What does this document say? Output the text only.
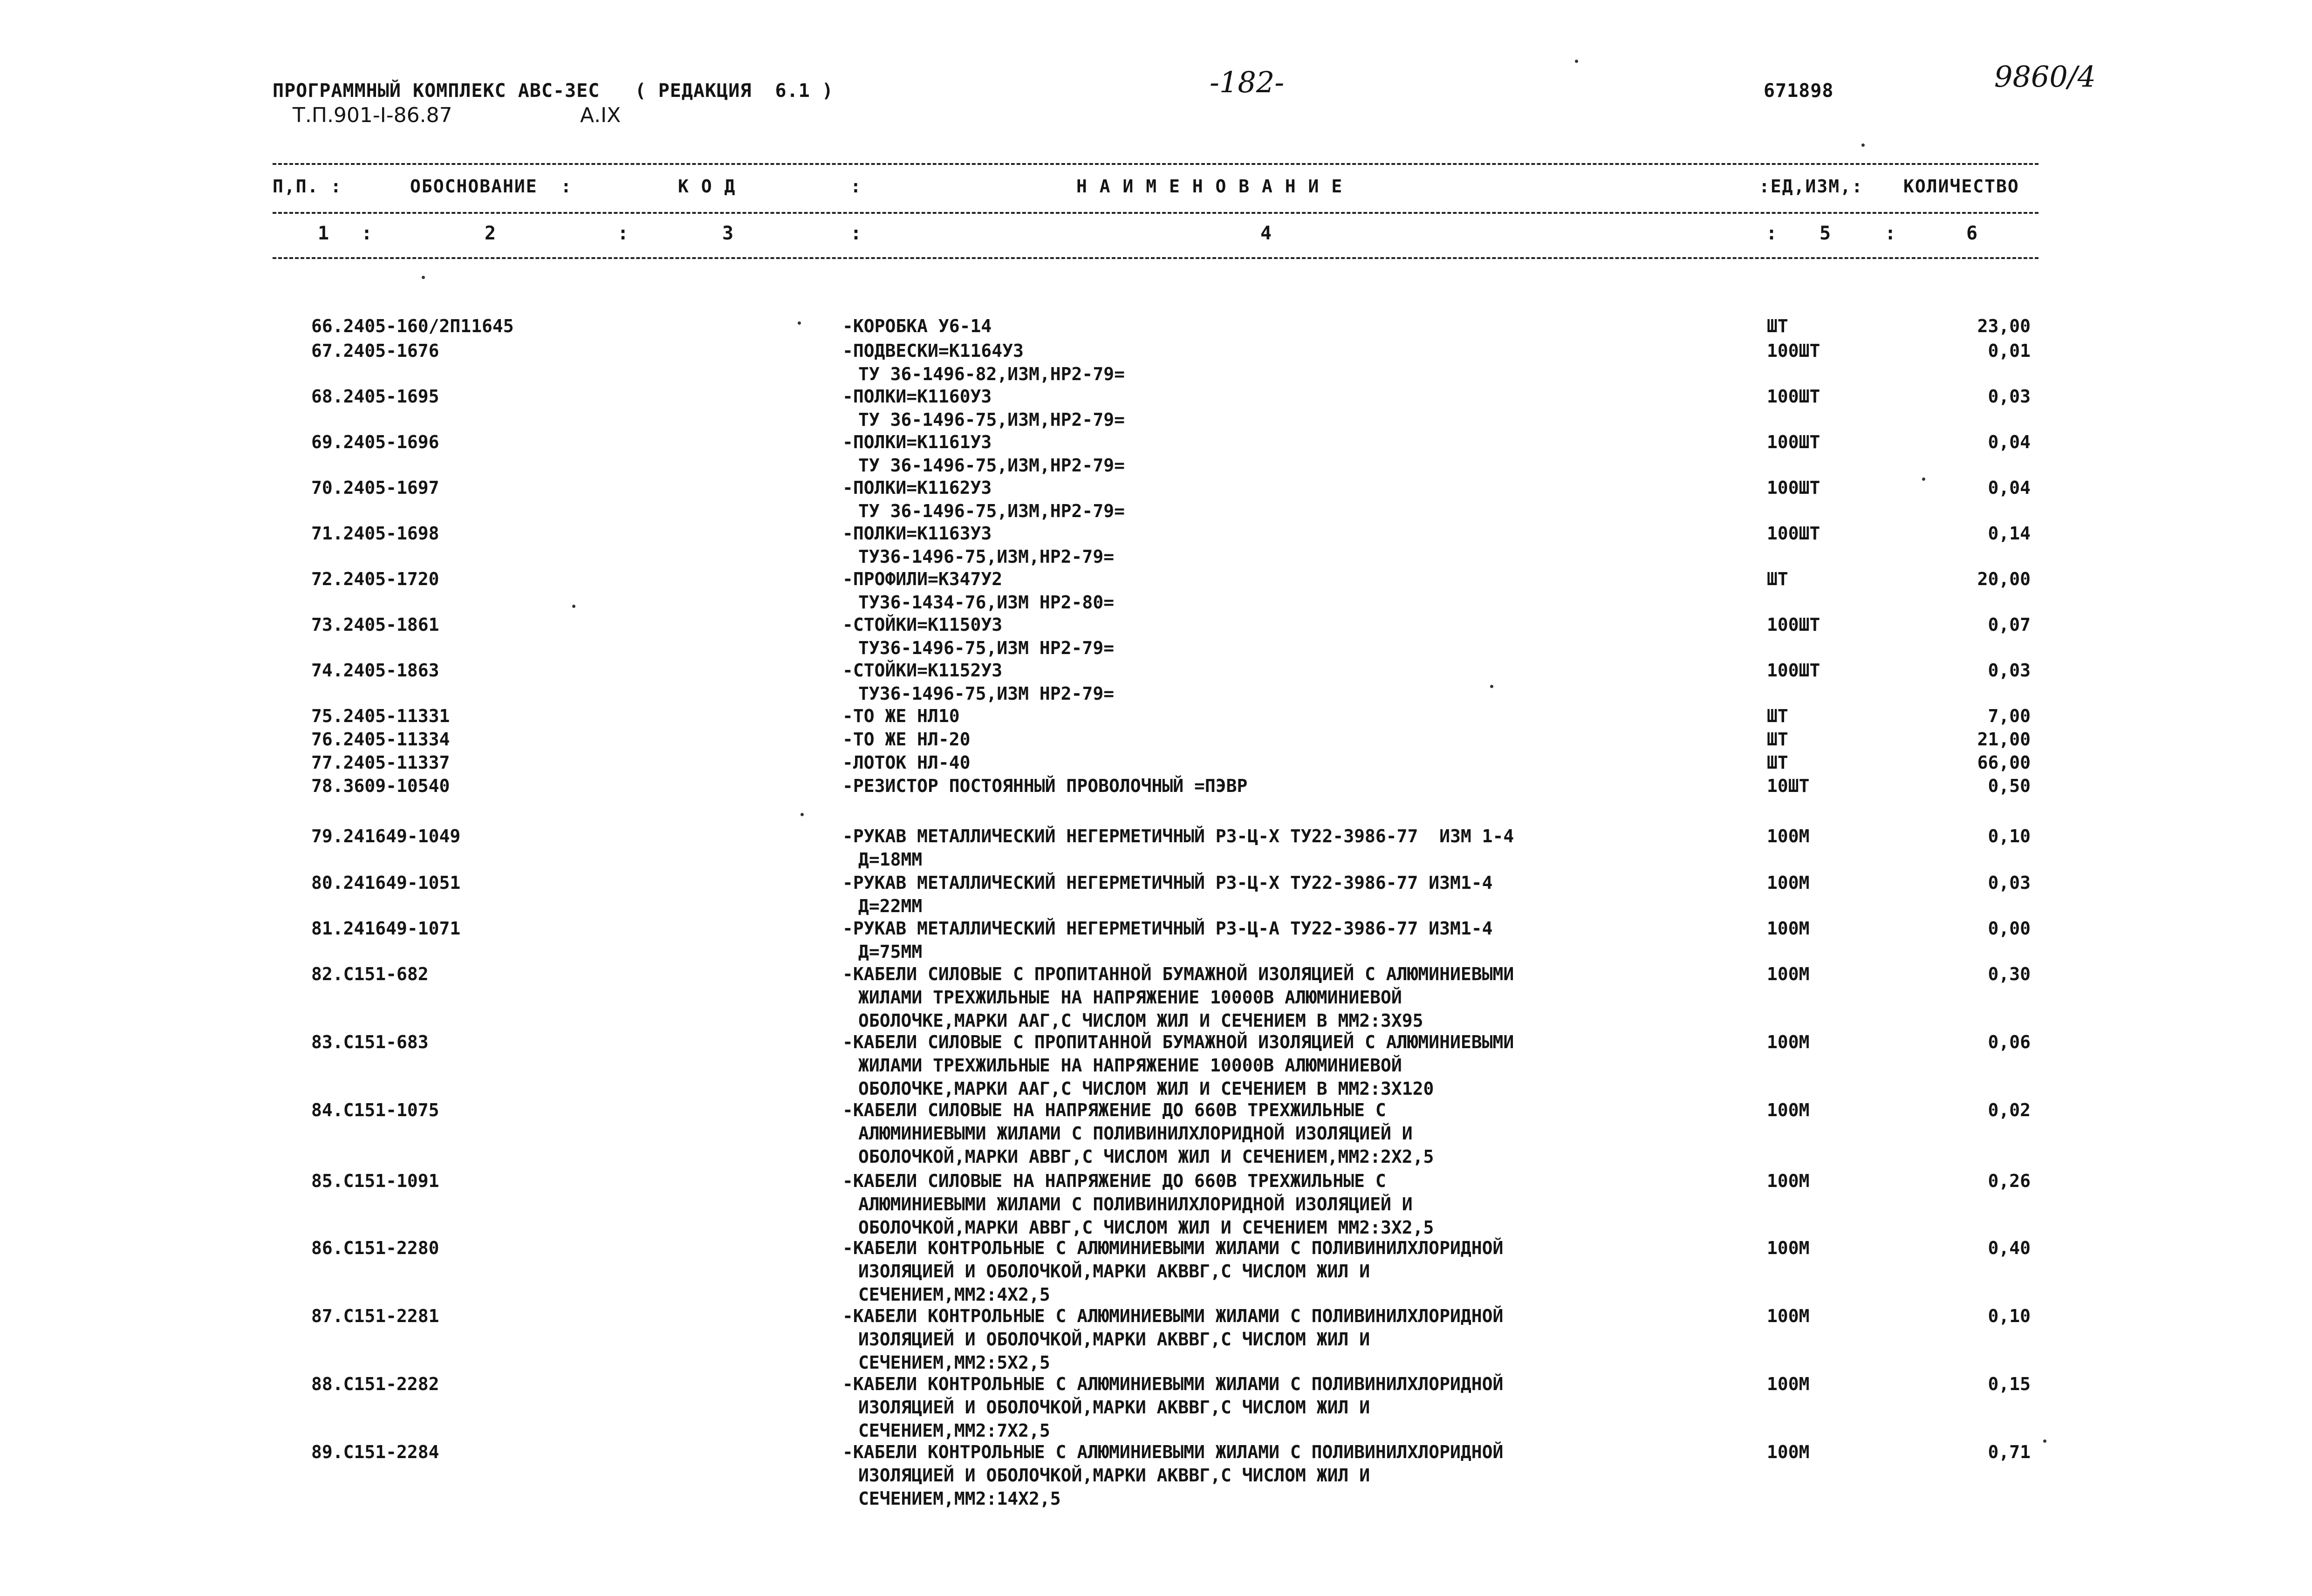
ПРОГРАММНЫЙ КОМПЛЕКС АВС-ЗЕС   ( РЕДАКЦИЯ  6.1 )
Т.П.901-I-86.87	А.IX
-182-	671898	9860/4
П,П. :	ОБОСНОВАНИЕ  :	К О Д	:	Н А И М Е Н О В А Н И Е	:ЕД,ИЗМ,: КОЛИЧЕСТВО
1 :	2	:	3	:	4	: 5	:	6
66.2405-160/2П11645	-КОРОБКА У6-14	ШТ	23,00
67.2405-1676	-ПОДВЕСКИ=К1164У3
ТУ 36-1496-82,ИЗМ,НР2-79=
100ШТ	0,01
68.2405-1695	-ПОЛКИ=К1160У3
ТУ 36-1496-75,ИЗМ,НР2-79=
100ШТ	0,03
69.2405-1696	-ПОЛКИ=К1161У3
ТУ 36-1496-75,ИЗМ,НР2-79=
100ШТ	0,04
70.2405-1697	-ПОЛКИ=К1162У3
ТУ 36-1496-75,ИЗМ,НР2-79=
100ШТ	0,04
71.2405-1698	-ПОЛКИ=К1163У3
ТУ36-1496-75,ИЗМ,НР2-79=
100ШТ	0,14
72.2405-1720	-ПРОФИЛИ=К347У2
ТУ36-1434-76,ИЗМ НР2-80=
ШТ	20,00
73.2405-1861	-СТОЙКИ=К1150У3
ТУ36-1496-75,ИЗМ НР2-79=
100ШТ	0,07
74.2405-1863	-СТОЙКИ=К1152У3
ТУ36-1496-75,ИЗМ НР2-79=
100ШТ	0,03
75.2405-11331	-ТО ЖЕ НЛ10	ШТ	7,00
76.2405-11334	-ТО ЖЕ НЛ-20	ШТ	21,00
77.2405-11337	-ЛОТОК НЛ-40	ШТ	66,00
78.3609-10540	-РЕЗИСТОР ПОСТОЯННЫЙ ПРОВОЛОЧНЫЙ =ПЭВР	10ШТ	0,50
79.241649-1049	-РУКАВ МЕТАЛЛИЧЕСКИЙ НЕГЕРМЕТИЧНЫЙ РЗ-Ц-Х ТУ22-3986-77  ИЗМ 1-4
Д=18ММ
100М	0,10
80.241649-1051	-РУКАВ МЕТАЛЛИЧЕСКИЙ НЕГЕРМЕТИЧНЫЙ РЗ-Ц-Х ТУ22-3986-77 ИЗМ1-4
Д=22ММ
100М	0,03
81.241649-1071	-РУКАВ МЕТАЛЛИЧЕСКИЙ НЕГЕРМЕТИЧНЫЙ РЗ-Ц-А ТУ22-3986-77 ИЗМ1-4
Д=75ММ
100М	0,00
82.С151-682	-КАБЕЛИ СИЛОВЫЕ С ПРОПИТАННОЙ БУМАЖНОЙ ИЗОЛЯЦИЕЙ С АЛЮМИНИЕВЫМИ
ЖИЛАМИ ТРЕХЖИЛЬНЫЕ НА НАПРЯЖЕНИЕ 10000В АЛЮМИНИЕВОЙ
ОБОЛОЧКЕ,МАРКИ ААГ,С ЧИСЛОМ ЖИЛ И СЕЧЕНИЕМ В ММ2:3Х95
100М	0,30
83.С151-683	-КАБЕЛИ СИЛОВЫЕ С ПРОПИТАННОЙ БУМАЖНОЙ ИЗОЛЯЦИЕЙ С АЛЮМИНИЕВЫМИ
ЖИЛАМИ ТРЕХЖИЛЬНЫЕ НА НАПРЯЖЕНИЕ 10000В АЛЮМИНИЕВОЙ
ОБОЛОЧКЕ,МАРКИ ААГ,С ЧИСЛОМ ЖИЛ И СЕЧЕНИЕМ В ММ2:3Х120
100М	0,06
84.С151-1075	-КАБЕЛИ СИЛОВЫЕ НА НАПРЯЖЕНИЕ ДО 660В ТРЕХЖИЛЬНЫЕ С
АЛЮМИНИЕВЫМИ ЖИЛАМИ С ПОЛИВИНИЛХЛОРИДНОЙ ИЗОЛЯЦИЕЙ И
ОБОЛОЧКОЙ,МАРКИ АВВГ,С ЧИСЛОМ ЖИЛ И СЕЧЕНИЕМ,ММ2:2Х2,5
100М	0,02
85.С151-1091	-КАБЕЛИ СИЛОВЫЕ НА НАПРЯЖЕНИЕ ДО 660В ТРЕХЖИЛЬНЫЕ С
АЛЮМИНИЕВЫМИ ЖИЛАМИ С ПОЛИВИНИЛХЛОРИДНОЙ ИЗОЛЯЦИЕЙ И
ОБОЛОЧКОЙ,МАРКИ АВВГ,С ЧИСЛОМ ЖИЛ И СЕЧЕНИЕМ ММ2:3Х2,5
100М	0,26
86.С151-2280	-КАБЕЛИ КОНТРОЛЬНЫЕ С АЛЮМИНИЕВЫМИ ЖИЛАМИ С ПОЛИВИНИЛХЛОРИДНОЙ
ИЗОЛЯЦИЕЙ И ОБОЛОЧКОЙ,МАРКИ АКВВГ,С ЧИСЛОМ ЖИЛ И
СЕЧЕНИЕМ,ММ2:4Х2,5
100М	0,40
87.С151-2281	-КАБЕЛИ КОНТРОЛЬНЫЕ С АЛЮМИНИЕВЫМИ ЖИЛАМИ С ПОЛИВИНИЛХЛОРИДНОЙ
ИЗОЛЯЦИЕЙ И ОБОЛОЧКОЙ,МАРКИ АКВВГ,С ЧИСЛОМ ЖИЛ И
СЕЧЕНИЕМ,ММ2:5Х2,5
100М	0,10
88.С151-2282	-КАБЕЛИ КОНТРОЛЬНЫЕ С АЛЮМИНИЕВЫМИ ЖИЛАМИ С ПОЛИВИНИЛХЛОРИДНОЙ
ИЗОЛЯЦИЕЙ И ОБОЛОЧКОЙ,МАРКИ АКВВГ,С ЧИСЛОМ ЖИЛ И
СЕЧЕНИЕМ,ММ2:7Х2,5
100М	0,15
89.С151-2284	-КАБЕЛИ КОНТРОЛЬНЫЕ С АЛЮМИНИЕВЫМИ ЖИЛАМИ С ПОЛИВИНИЛХЛОРИДНОЙ
ИЗОЛЯЦИЕЙ И ОБОЛОЧКОЙ,МАРКИ АКВВГ,С ЧИСЛОМ ЖИЛ И
СЕЧЕНИЕМ,ММ2:14Х2,5
100М	0,71
